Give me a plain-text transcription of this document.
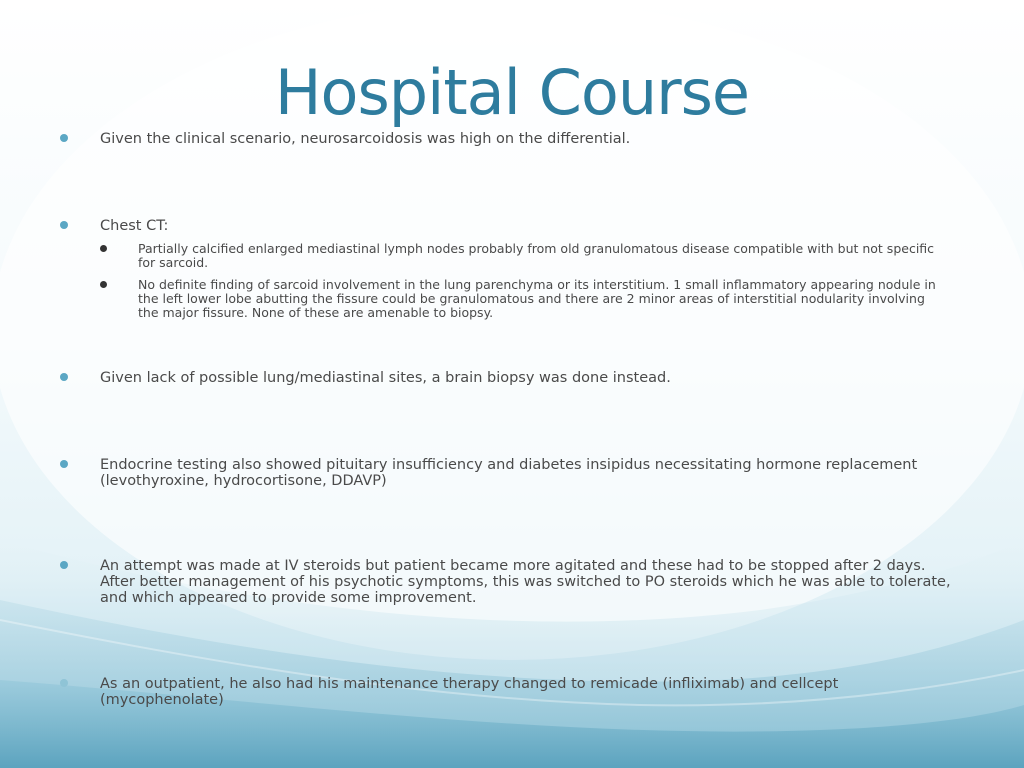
Hospital Course
Given the clinical scenario, neurosarcoidosis was high on the differential.
Chest CT:
Partially calcified enlarged mediastinal lymph nodes probably from old granulomatous disease compatible with but not specific for sarcoid.
No definite finding of sarcoid involvement in the lung parenchyma or its interstitium. 1 small inflammatory appearing nodule in the left lower lobe abutting the fissure could be granulomatous and there are 2 minor areas of interstitial nodularity involving the major fissure. None of these are amenable to biopsy.
Given lack of possible lung/mediastinal sites, a brain biopsy was done instead.
Endocrine testing also showed pituitary insufficiency and diabetes insipidus necessitating hormone replacement (levothyroxine, hydrocortisone, DDAVP)
An attempt was made at IV steroids but patient became more agitated and these had to be stopped after 2 days. After better management of his psychotic symptoms, this was switched to PO steroids which he was able to tolerate, and which appeared to provide some improvement.
As an outpatient, he also had his maintenance therapy changed to remicade (infliximab) and cellcept (mycophenolate)
